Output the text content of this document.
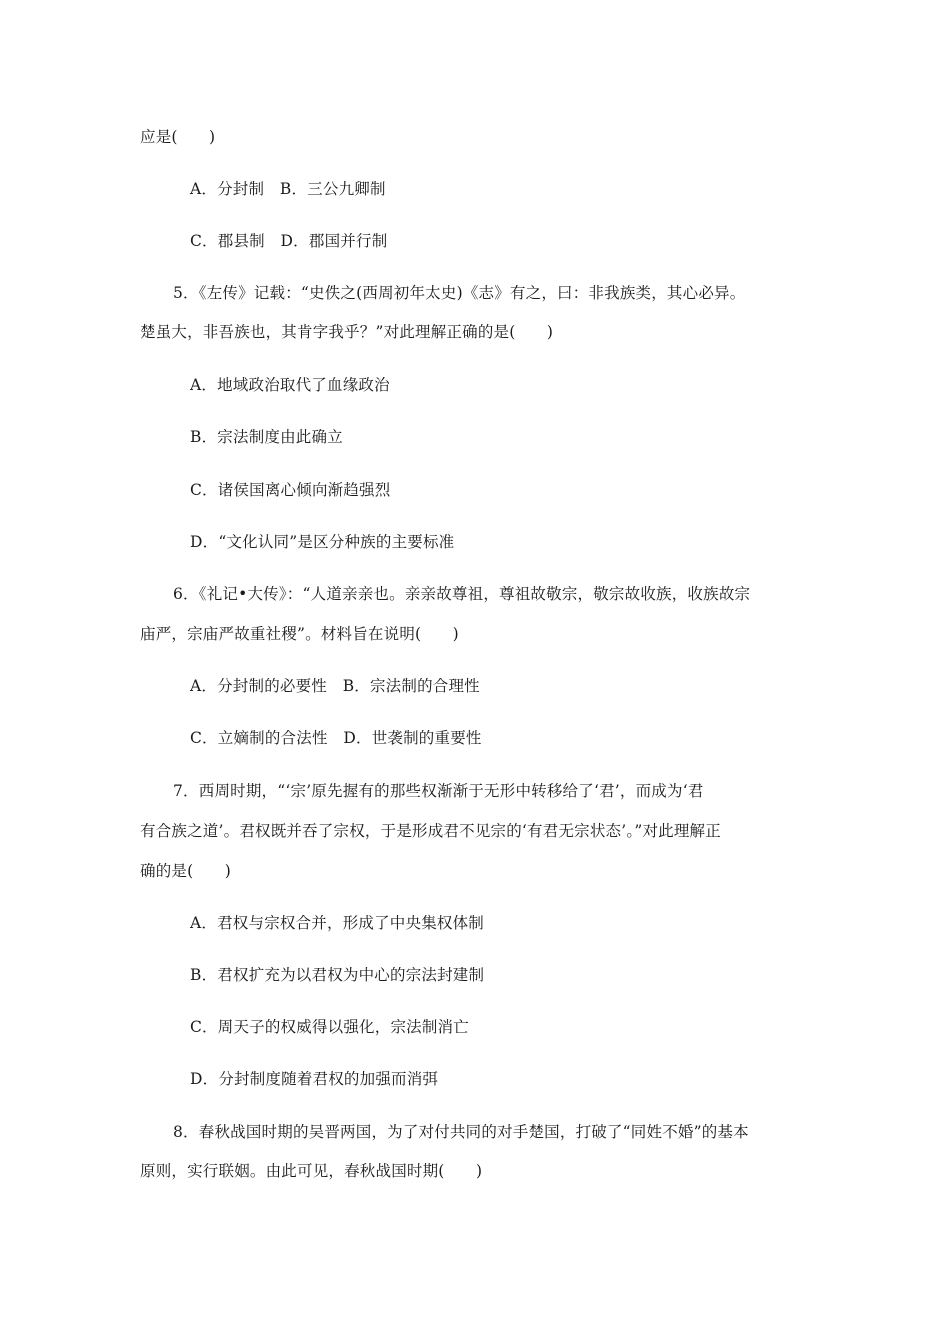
应是(　　)
A．分封制　B．三公九卿制
C．郡县制　D．郡国并行制
5．《左传》记载：“史佚之(西周初年太史)《志》有之，曰：非我族类，其心必异。
楚虽大，非吾族也，其肯字我乎？”对此理解正确的是(　　)
A．地域政治取代了血缘政治
B．宗法制度由此确立
C．诸侯国离心倾向渐趋强烈
D．“文化认同”是区分种族的主要标准
6．《礼记•大传》：“人道亲亲也。亲亲故尊祖，尊祖故敬宗，敬宗故收族，收族故宗
庙严，宗庙严故重社稷”。材料旨在说明(　　)
A．分封制的必要性　B．宗法制的合理性
C．立嫡制的合法性　D．世袭制的重要性
7．西周时期，“‘宗’原先握有的那些权渐渐于无形中转移给了‘君’，而成为‘君
有合族之道’。君权既并吞了宗权，于是形成君不见宗的‘有君无宗状态’。”对此理解正
确的是(　　)
A．君权与宗权合并，形成了中央集权体制
B．君权扩充为以君权为中心的宗法封建制
C．周天子的权威得以强化，宗法制消亡
D．分封制度随着君权的加强而消弭
8．春秋战国时期的吴晋两国，为了对付共同的对手楚国，打破了“同姓不婚”的基本
原则，实行联姻。由此可见，春秋战国时期(　　)
